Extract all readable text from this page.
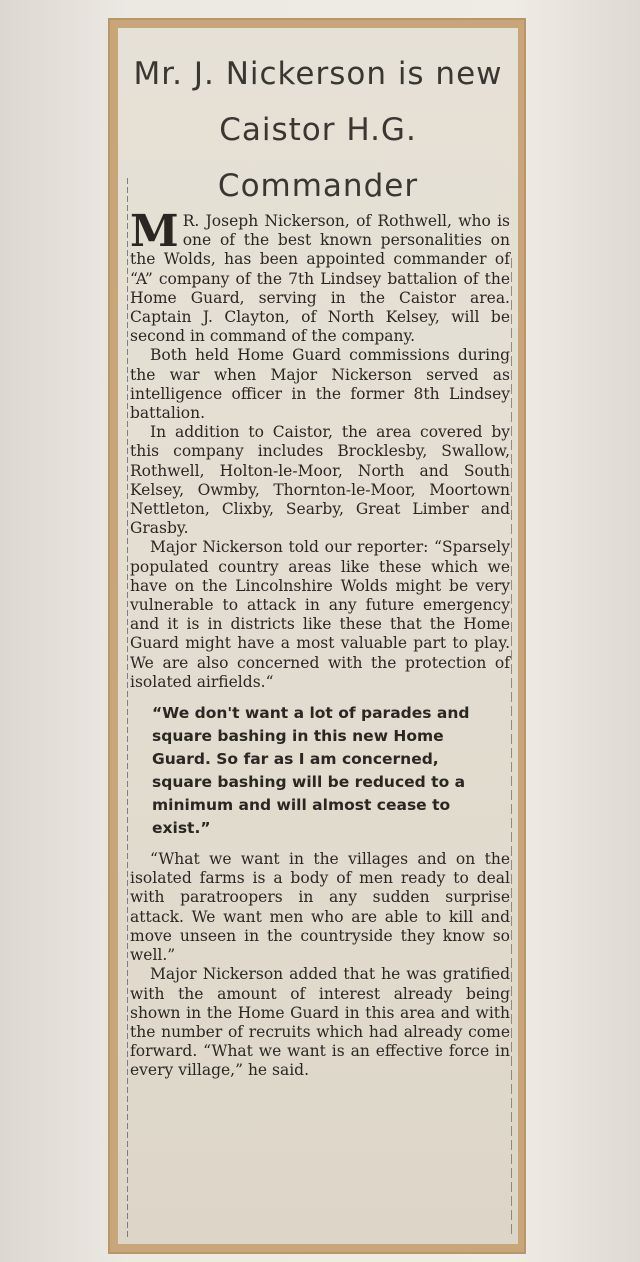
Mr. J. Nickerson is new Caistor H.G. Commander

M R. Joseph Nickerson, of Rothwell, who is one of the best known personalities on the Wolds, has been appointed commander of “A” company of the 7th Lindsey battalion of the Home Guard, serving in the Caistor area. Captain J. Clayton, of North Kelsey, will be second in command of the company.

Both held Home Guard commissions during the war when Major Nickerson served as intelligence officer in the former 8th Lindsey battalion.

In addition to Caistor, the area covered by this company includes Brocklesby, Swallow, Rothwell, Holton-le-Moor, North and South Kelsey, Owmby, Thornton-le-Moor, Moortown Nettleton, Clixby, Searby, Great Limber and Grasby.

Major Nickerson told our reporter: “Sparsely populated country areas like these which we have on the Lincolnshire Wolds might be very vulnerable to attack in any future emergency and it is in districts like these that the Home Guard might have a most valuable part to play. We are also concerned with the protection of isolated airfields.“

“We don't want a lot of parades and square bashing in this new Home Guard. So far as I am concerned, square bashing will be reduced to a minimum and will almost cease to exist.”

“What we want in the villages and on the isolated farms is a body of men ready to deal with paratroopers in any sudden surprise attack. We want men who are able to kill and move unseen in the countryside they know so well.”

Major Nickerson added that he was gratified with the amount of interest already being shown in the Home Guard in this area and with the number of recruits which had already come forward. “What we want is an effective force in every village,” he said.
